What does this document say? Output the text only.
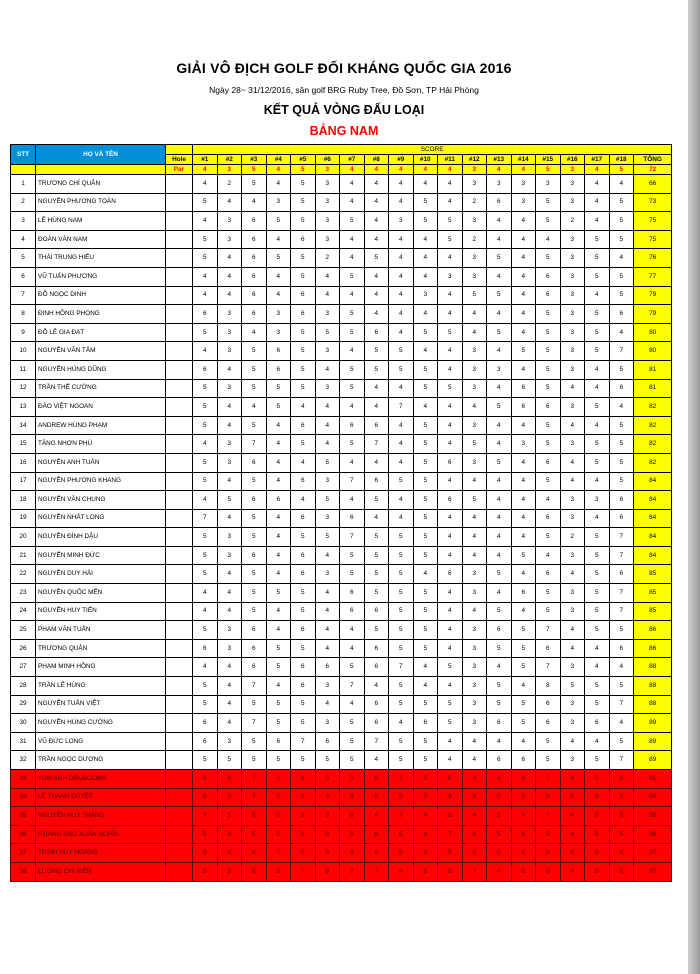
GIẢI VÔ ĐỊCH GOLF ĐỐI KHÁNG QUỐC GIA 2016
Ngày 28~ 31/12/2016, sân golf BRG Ruby Tree, Đồ Sơn, TP Hải Phòng
KẾT QUẢ VÒNG ĐẤU LOẠI
BẢNG NAM
STT	HỌ VÀ TÊN		SCORE																		
		Hole	#1	#2	#3	#4	#5	#6	#7	#8	#9	#10	#11	#12	#13	#14	#15	#16	#17	#18	TỔNG
		Par	4	3	5	4	5	3	4	4	4	4	4	3	4	4	5	3	4	5	72
1	TRƯƠNG CHÍ QUÂN		4	2	5	4	5	3	4	4	4	4	4	3	3	3	3	3	4	4	66
2	NGUYỄN PHƯƠNG TOÀN		5	4	4	3	5	3	4	4	4	5	4	2	6	3	5	3	4	5	73
3	LÊ HÙNG NAM		4	3	6	5	5	3	5	4	3	5	5	3	4	4	5	2	4	5	75
4	ĐOÀN VĂN NAM		5	3	6	4	6	3	4	4	4	4	5	2	4	4	4	3	5	5	75
5	THÁI TRUNG HIẾU		5	4	6	5	5	2	4	5	4	4	4	3	5	4	5	3	5	4	76
6	VŨ TUẤN PHƯƠNG		4	4	6	4	5	4	5	4	4	4	3	3	4	4	6	3	5	5	77
7	ĐỖ NGỌC DINH		4	4	6	4	6	4	4	4	4	3	4	5	5	4	6	3	4	5	79
8	ĐINH HỒNG PHONG		6	3	6	3	6	3	5	4	4	4	4	4	4	4	5	3	5	6	79
9	ĐỖ LÊ GIA ĐẠT		5	3	4	3	5	5	5	6	4	5	5	4	5	4	5	3	5	4	80
10	NGUYỄN VĂN TÂM		4	3	5	6	5	3	4	5	5	4	4	3	4	5	5	3	5	7	80
11	NGUYỄN HÙNG DŨNG		6	4	5	6	5	4	5	5	5	5	4	3	3	4	5	3	4	5	81
12	TRẦN THẾ CƯỜNG		5	3	5	5	5	3	5	4	4	5	5	3	4	6	5	4	4	6	81
13	ĐÀO VIỆT NGOAN		5	4	4	5	4	4	4	4	7	4	4	4	5	6	6	3	5	4	82
14	ANDREW HÙNG PHẠM		5	4	5	4	6	4	6	6	4	5	4	3	4	4	5	4	4	5	82
15	TĂNG NHƠN PHÚ		4	3	7	4	5	4	5	7	4	5	4	5	4	3	5	3	5	5	82
16	NGUYỄN ANH TUẤN		5	3	6	4	4	5	4	4	4	5	6	3	5	4	6	4	5	5	82
17	NGUYỄN PHƯƠNG KHANG		5	4	5	4	6	3	7	6	5	5	4	4	4	4	5	4	4	5	84
18	NGUYỄN VĂN CHUNG		4	5	6	6	4	5	4	5	4	5	6	5	4	4	4	3	3	6	84
19	NGUYỄN NHẤT LONG		7	4	5	4	6	3	6	4	4	5	4	4	4	4	6	3	4	6	84
20	NGUYỄN ĐÌNH DẬU		5	3	5	4	5	5	7	5	5	5	4	4	4	4	5	2	5	7	84
21	NGUYỄN MINH ĐỨC		5	3	6	4	6	4	5	5	5	5	4	4	4	5	4	3	5	7	84
22	NGUYỄN DUY HẢI		5	4	5	4	6	3	5	5	5	4	6	3	5	4	6	4	5	6	85
23	NGUYỄN QUỐC MẾN		4	4	5	5	5	4	6	5	5	5	4	3	4	6	5	3	5	7	85
24	NGUYỄN HUY TIẾN		4	4	5	4	5	4	6	6	5	5	4	4	5	4	5	3	5	7	85
25	PHẠM VĂN TUẤN		5	3	6	4	6	4	4	5	5	5	4	3	6	5	7	4	5	5	86
26	TRƯƠNG QUÂN		6	3	6	5	5	4	4	6	5	5	4	3	5	5	6	4	4	6	86
27	PHẠM MINH HỒNG		4	4	6	5	6	6	5	6	7	4	5	3	4	5	7	3	4	4	88
28	TRẦN LÊ HÙNG		5	4	7	4	6	3	7	4	5	4	4	3	5	4	8	5	5	5	88
29	NGUYỄN TUẤN VIỆT		5	4	5	5	5	4	4	6	5	5	5	3	5	5	6	3	5	7	88
30	NGUYỄN HÙNG CƯỜNG		6	4	7	5	5	3	5	6	4	6	5	3	6	5	6	3	6	4	89
31	VŨ ĐỨC LONG		6	3	5	6	7	6	5	7	5	5	4	4	4	4	5	4	4	5	89
32	TRẦN NGỌC DƯƠNG		5	5	5	5	5	5	5	4	5	5	4	4	6	6	5	3	5	7	89
33	TOM ANH DRIJBOOMS		5	4	7	4	4	5	5	6	7	5	5	4	4	4	7	4	5	6	91
34	LÊ THANH DUYỆT		6	3	7	5	8	3	8	5	5	5	4	3	5	5	6	5	6	5	94
35	NGUYỄN HUY THẮNG		7	5	6	6	5	3	6	4	7	4	5	4	5	4	7	4	6	8	95
36	HOÀNG ĐÀO XUÂN NGHĨA		5	3	5	5	8	6	5	6	5	4	7	6	5	6	5	4	5	5	96
37	TRỊNH HUY HOÀNG		6	4	6	7	5	5	6	4	5	6	5	5	5	6	6	4	6	4	97
38	LƯƠNG CHÍ KIÊN		5	3	6	5	7	6	7	7	4	5	5	7	4	5	6	4	5	6	97
